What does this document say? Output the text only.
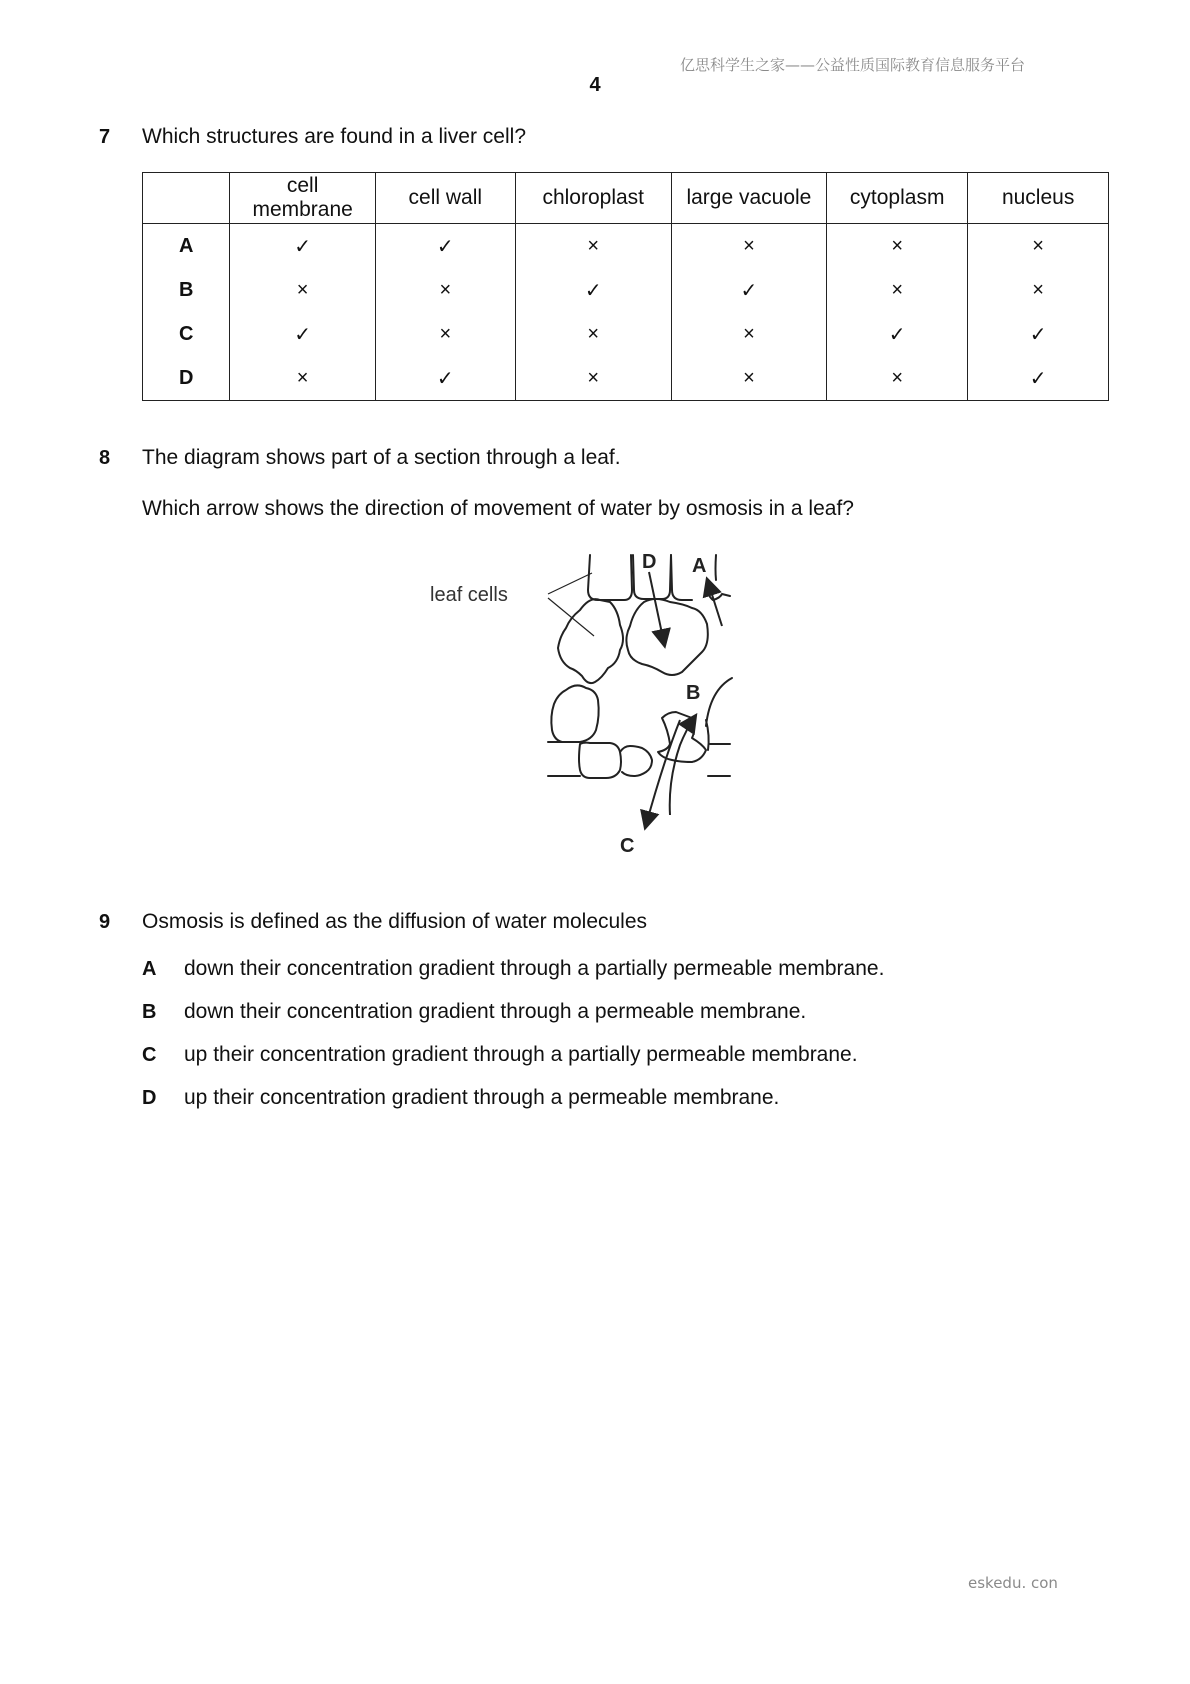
亿思科学生之家——公益性质国际教育信息服务平台
4
7 Which structures are found in a liver cell?
	cell membrane	cell wall	chloroplast	large vacuole	cytoplasm	nucleus
A	✓	✓	×	×	×	×
B	×	×	✓	✓	×	×
C	✓	×	×	×	✓	✓
D	×	✓	×	×	×	✓
8 The diagram shows part of a section through a leaf.
Which arrow shows the direction of movement of water by osmosis in a leaf?
leaf cells
D A
B
C
9 Osmosis is defined as the diffusion of water molecules
A down their concentration gradient through a partially permeable membrane.
B down their concentration gradient through a permeable membrane.
C up their concentration gradient through a partially permeable membrane.
D up their concentration gradient through a permeable membrane.
eskedu. con
